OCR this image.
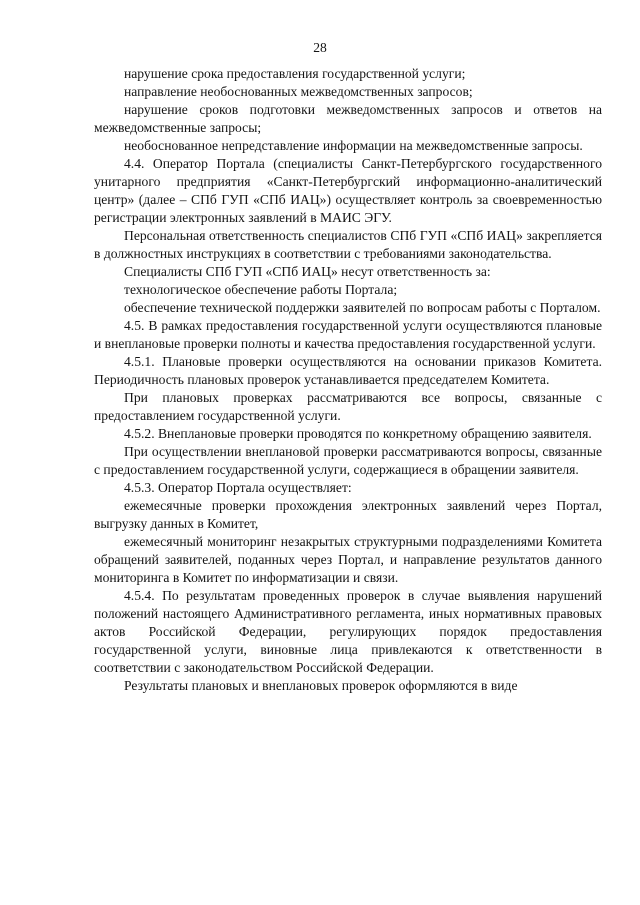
28

нарушение срока предоставления государственной услуги;

направление необоснованных межведомственных запросов;

нарушение сроков подготовки межведомственных запросов и ответов на межведомственные запросы;

необоснованное непредставление информации на межведомственные запросы.

4.4. Оператор Портала (специалисты Санкт-Петербургского государственного унитарного предприятия «Санкт-Петербургский информационно-аналитический центр» (далее – СПб ГУП «СПб ИАЦ») осуществляет контроль за своевременностью регистрации электронных заявлений в МАИС ЭГУ.

Персональная ответственность специалистов СПб ГУП «СПб ИАЦ» закрепляется в должностных инструкциях в соответствии с требованиями законодательства.

Специалисты СПб ГУП «СПб ИАЦ» несут ответственность за:

технологическое обеспечение работы Портала;

обеспечение технической поддержки заявителей по вопросам работы с Порталом.

4.5. В рамках предоставления государственной услуги осуществляются плановые и внеплановые проверки полноты и качества предоставления государственной услуги.

4.5.1. Плановые проверки осуществляются на основании приказов Комитета. Периодичность плановых проверок устанавливается председателем Комитета.

При плановых проверках рассматриваются все вопросы, связанные с предоставлением государственной услуги.

4.5.2. Внеплановые проверки проводятся по конкретному обращению заявителя.

При осуществлении внеплановой проверки рассматриваются вопросы, связанные с предоставлением государственной услуги, содержащиеся в обращении заявителя.

4.5.3. Оператор Портала осуществляет:

ежемесячные проверки прохождения электронных заявлений через Портал, выгрузку данных в Комитет,

ежемесячный мониторинг незакрытых структурными подразделениями Комитета обращений заявителей, поданных через Портал, и направление результатов данного мониторинга в Комитет по информатизации и связи.

4.5.4. По результатам проведенных проверок в случае выявления нарушений положений настоящего Административного регламента, иных нормативных правовых актов Российской Федерации, регулирующих порядок предоставления государственной услуги, виновные лица привлекаются к ответственности в соответствии с законодательством Российской Федерации.

Результаты плановых и внеплановых проверок оформляются в виде
